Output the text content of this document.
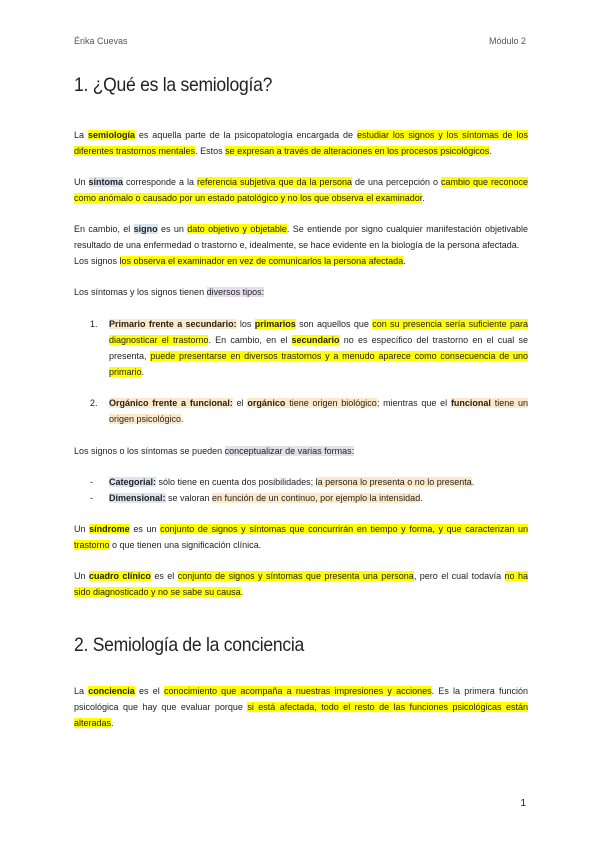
Érika Cuevas	Módulo 2
1. ¿Qué es la semiología?

La semiología es aquella parte de la psicopatología encargada de estudiar los signos y los síntomas de los diferentes trastornos mentales. Estos se expresan a través de alteraciones en los procesos psicológicos.

Un síntoma corresponde a la referencia subjetiva que da la persona de una percepción o cambio que reconoce como anómalo o causado por un estado patológico y no los que observa el examinador.

En cambio, el signo es un dato objetivo y objetable. Se entiende por signo cualquier manifestación objetivable resultado de una enfermedad o trastorno e, idealmente, se hace evidente en la biología de la persona afectada.

Los signos los observa el examinador en vez de comunicarlos la persona afectada.

Los síntomas y los signos tienen diversos tipos:

1. Primario frente a secundario: los primarios son aquellos que con su presencia sería suficiente para diagnosticar el trastorno. En cambio, en el secundario no es específico del trastorno en el cual se presenta, puede presentarse en diversos trastornos y a menudo aparece como consecuencia de uno primario.
2. Orgánico frente a funcional: el orgánico tiene origen biológico; mientras que el funcional tiene un origen psicológico.

Los signos o los síntomas se pueden conceptualizar de varias formas:

- Categorial: sólo tiene en cuenta dos posibilidades; la persona lo presenta o no lo presenta.
- Dimensional: se valoran en función de un continuo, por ejemplo la intensidad.

Un síndrome es un conjunto de signos y síntomas que concurrirán en tiempo y forma, y que caracterizan un trastorno o que tienen una significación clínica.

Un cuadro clínico es el conjunto de signos y síntomas que presenta una persona, pero el cual todavía no ha sido diagnosticado y no se sabe su causa.

2. Semiología de la conciencia

La conciencia es el conocimiento que acompaña a nuestras impresiones y acciones. Es la primera función psicológica que hay que evaluar porque si está afectada, todo el resto de las funciones psicológicas están alteradas.

1
